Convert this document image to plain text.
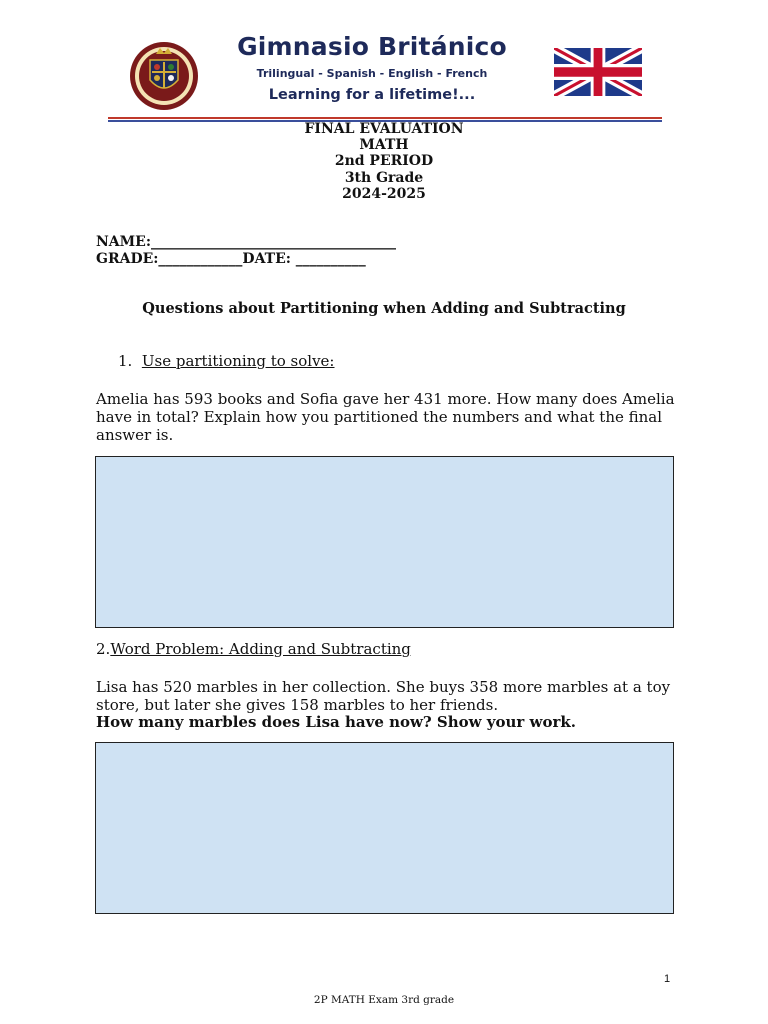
Gimnasio Británico
Trilingual - Spanish - English - French
Learning for a lifetime!...
FINAL EVALUATION
MATH
2nd PERIOD
3th Grade
2024-2025
NAME:___________________________________
GRADE:____________DATE: __________
Questions about Partitioning when Adding and Subtracting
1. Use partitioning to solve:
Amelia has 593 books and Sofia gave her 431 more. How many does Amelia have in total? Explain how you partitioned the numbers and what the final answer is.
2.Word Problem: Adding and Subtracting
Lisa has 520 marbles in her collection. She buys 358 more marbles at a toy store, but later she gives 158 marbles to her friends.
How many marbles does Lisa have now? Show your work.
1
2P MATH Exam 3rd grade
